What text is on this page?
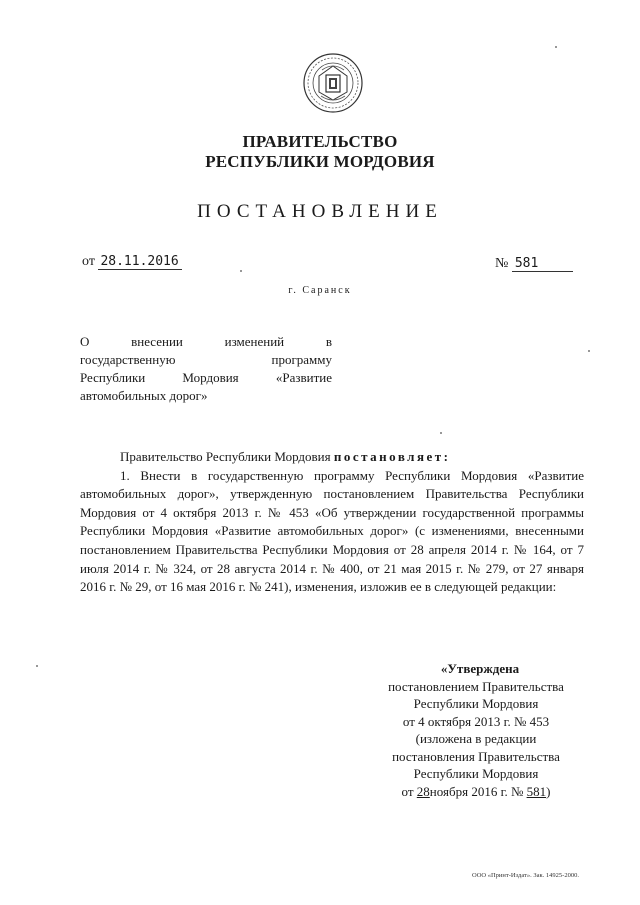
ПРАВИТЕЛЬСТВО
РЕСПУБЛИКИ МОРДОВИЯ
ПОСТАНОВЛЕНИЕ
от 28.11.2016	№ 581
г. Саранск
О внесении изменений в
государственную программу
Республики Мордовия «Развитие
автомобильных дорог»

Правительство Республики Мордовия постановляет:

1. Внести в государственную программу Республики Мордовия «Развитие автомобильных дорог», утвержденную постановлением Правительства Республики Мордовия от 4 октября 2013 г. № 453 «Об утверждении государственной программы Республики Мордовия «Развитие автомобильных дорог» (с изменениями, внесенными постановлением Правительства Республики Мордовия от 28 апреля 2014 г. № 164, от 7 июля 2014 г. № 324, от 28 августа 2014 г. № 400, от 21 мая 2015 г. № 279, от 27 января 2016 г. № 29, от 16 мая 2016 г. № 241), изменения, изложив ее в следующей редакции:

«Утверждена
постановлением Правительства
Республики Мордовия
от 4 октября 2013 г. № 453
(изложена в редакции
постановления Правительства
Республики Мордовия
от 28ноября 2016 г. № 581)
ООО «Принт-Издат». Зак. 14925-2000.
